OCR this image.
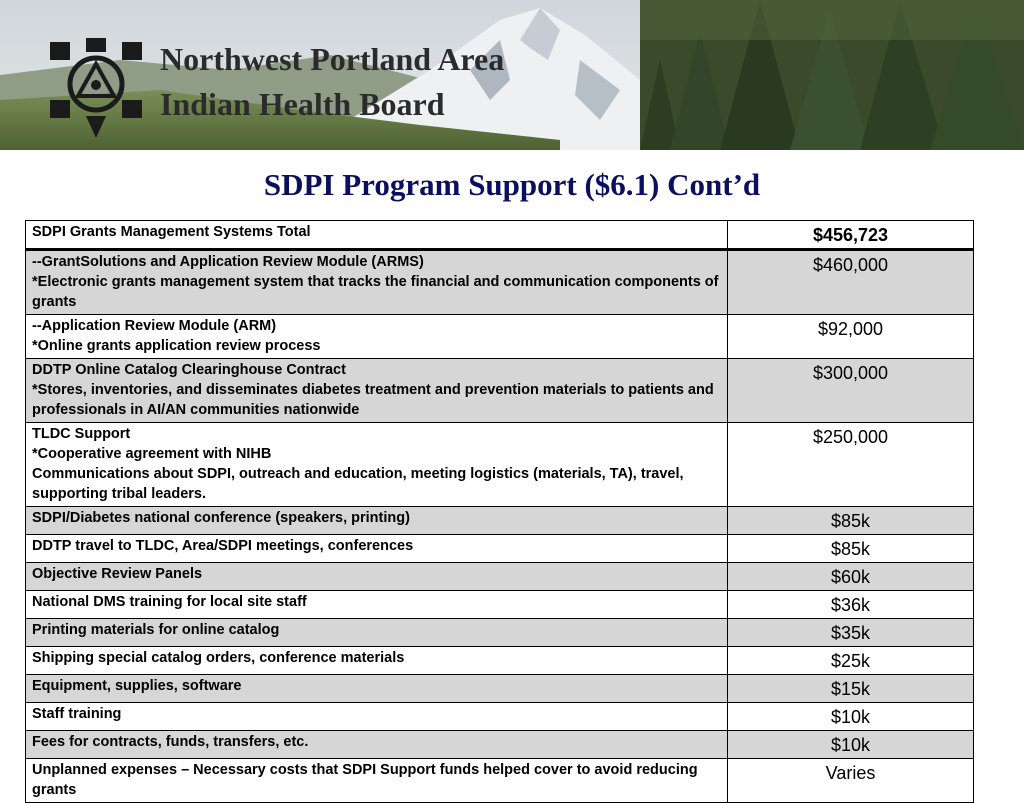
Northwest Portland Area
Indian Health Board
SDPI Program Support ($6.1) Cont’d
SDPI Grants Management Systems Total	$456,723

--GrantSolutions and Application Review Module (ARMS)
*Electronic grants management system that tracks the financial and communication components of grants	$460,000

--Application Review Module (ARM)
*Online grants application review process	$92,000

DDTP Online Catalog Clearinghouse Contract
*Stores, inventories, and disseminates diabetes treatment and prevention materials to patients and professionals in AI/AN communities nationwide	$300,000

TLDC Support
*Cooperative agreement with NIHB
Communications about SDPI, outreach and education, meeting logistics (materials, TA), travel, supporting tribal leaders.	$250,000

SDPI/Diabetes national conference (speakers, printing)	$85k

DDTP travel to TLDC, Area/SDPI meetings, conferences	$85k

Objective Review Panels	$60k

National DMS training for local site staff	$36k

Printing materials for online catalog	$35k

Shipping special catalog orders, conference materials	$25k

Equipment, supplies, software	$15k

Staff training	$10k

Fees for contracts, funds, transfers, etc.	$10k

Unplanned expenses – Necessary costs that SDPI Support funds helped cover to avoid reducing grants	Varies
